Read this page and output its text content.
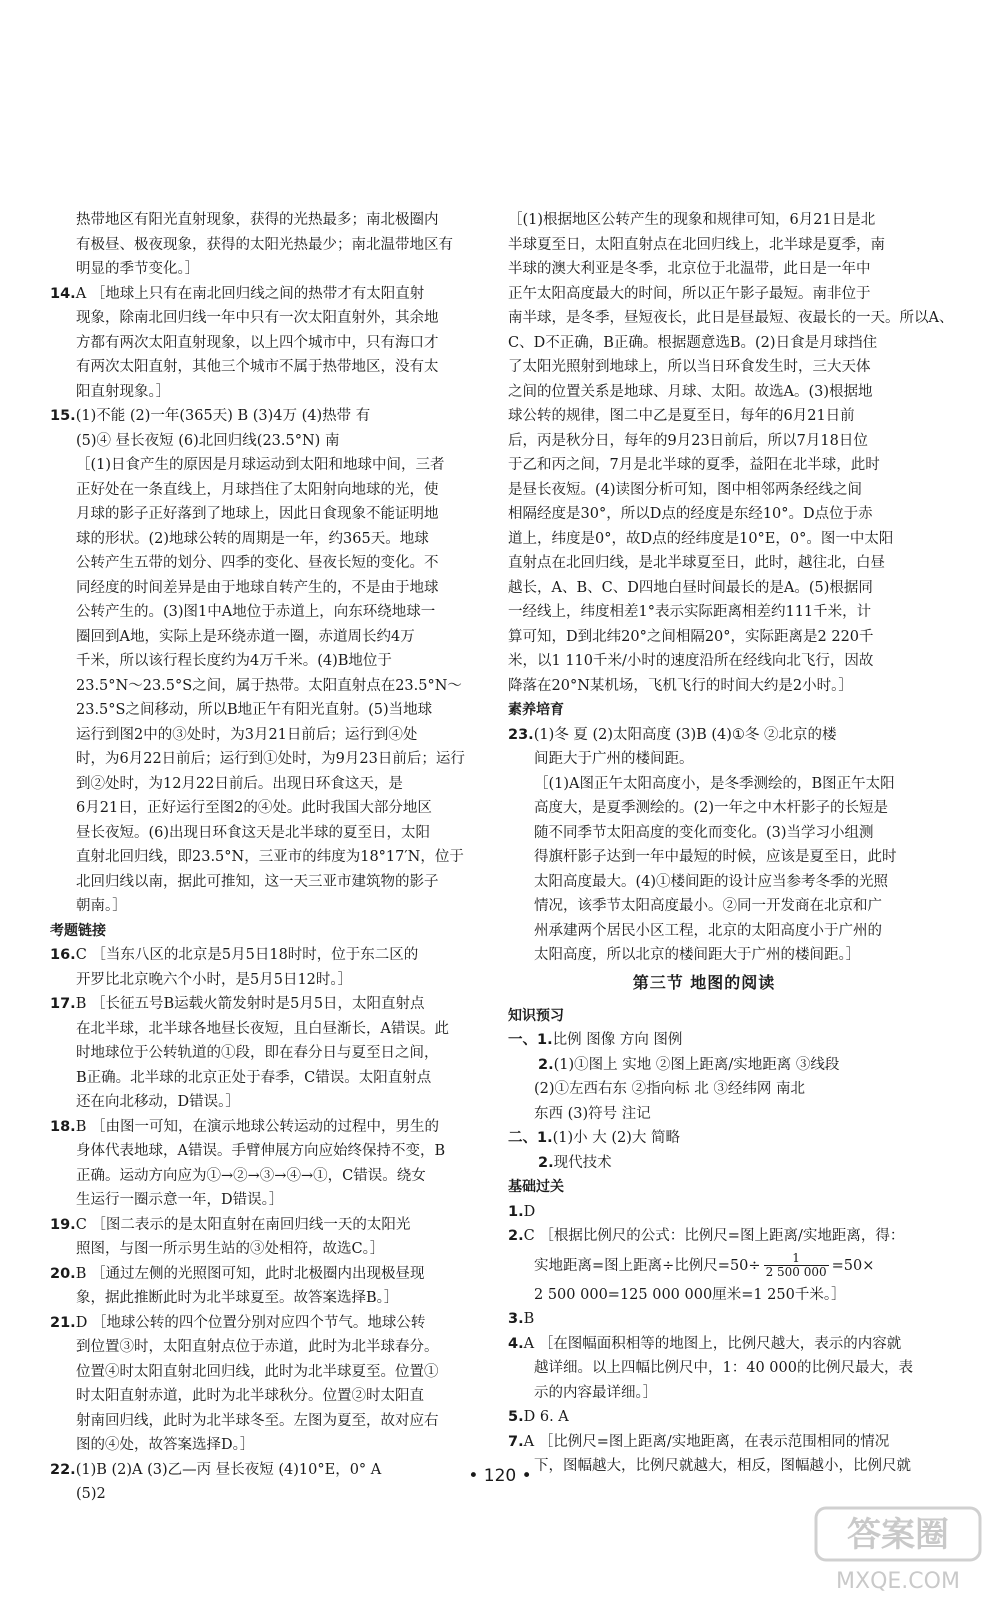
热带地区有阳光直射现象，获得的光热最多；南北极圈内
有极昼、极夜现象，获得的太阳光热最少；南北温带地区有
明显的季节变化。］
14.A ［地球上只有在南北回归线之间的热带才有太阳直射
现象，除南北回归线一年中只有一次太阳直射外，其余地
方都有两次太阳直射现象，以上四个城市中，只有海口才
有两次太阳直射，其他三个城市不属于热带地区，没有太
阳直射现象。］
15.(1)不能 (2)一年(365天) B (3)4万 (4)热带 有
(5)④ 昼长夜短 (6)北回归线(23.5°N) 南
［(1)日食产生的原因是月球运动到太阳和地球中间，三者
正好处在一条直线上，月球挡住了太阳射向地球的光，使
月球的影子正好落到了地球上，因此日食现象不能证明地
球的形状。(2)地球公转的周期是一年，约365天。地球
公转产生五带的划分、四季的变化、昼夜长短的变化。不
同经度的时间差异是由于地球自转产生的，不是由于地球
公转产生的。(3)图1中A地位于赤道上，向东环绕地球一
圈回到A地，实际上是环绕赤道一圈，赤道周长约4万
千米，所以该行程长度约为4万千米。(4)B地位于
23.5°N～23.5°S之间，属于热带。太阳直射点在23.5°N～
23.5°S之间移动，所以B地正午有阳光直射。(5)当地球
运行到图2中的③处时，为3月21日前后；运行到④处
时，为6月22日前后；运行到①处时，为9月23日前后；运行
到②处时，为12月22日前后。出现日环食这天，是
6月21日，正好运行至图2的④处。此时我国大部分地区
昼长夜短。(6)出现日环食这天是北半球的夏至日，太阳
直射北回归线，即23.5°N，三亚市的纬度为18°17′N，位于
北回归线以南，据此可推知，这一天三亚市建筑物的影子
朝南。］
考题链接
16.C ［当东八区的北京是5月5日18时时，位于东二区的
开罗比北京晚六个小时，是5月5日12时。］
17.B ［长征五号B运载火箭发射时是5月5日，太阳直射点
在北半球，北半球各地昼长夜短，且白昼渐长，A错误。此
时地球位于公转轨道的①段，即在春分日与夏至日之间，
B正确。北半球的北京正处于春季，C错误。太阳直射点
还在向北移动，D错误。］
18.B ［由图一可知，在演示地球公转运动的过程中，男生的
身体代表地球，A错误。手臂伸展方向应始终保持不变，B
正确。运动方向应为①→②→③→④→①，C错误。绕女
生运行一圈示意一年，D错误。］
19.C ［图二表示的是太阳直射在南回归线一天的太阳光
照图，与图一所示男生站的③处相符，故选C。］
20.B ［通过左侧的光照图可知，此时北极圈内出现极昼现
象，据此推断此时为北半球夏至。故答案选择B。］
21.D ［地球公转的四个位置分别对应四个节气。地球公转
到位置③时，太阳直射点位于赤道，此时为北半球春分。
位置④时太阳直射北回归线，此时为北半球夏至。位置①
时太阳直射赤道，此时为北半球秋分。位置②时太阳直
射南回归线，此时为北半球冬至。左图为夏至，故对应右
图的④处，故答案选择D。］
22.(1)B (2)A (3)乙—丙 昼长夜短 (4)10°E，0° A
(5)2
［(1)根据地区公转产生的现象和规律可知，6月21日是北
半球夏至日，太阳直射点在北回归线上，北半球是夏季，南
半球的澳大利亚是冬季，北京位于北温带，此日是一年中
正午太阳高度最大的时间，所以正午影子最短。南非位于
南半球，是冬季，昼短夜长，此日是昼最短、夜最长的一天。所以A、
C、D不正确，B正确。根据题意选B。(2)日食是月球挡住
了太阳光照射到地球上，所以当日环食发生时，三大天体
之间的位置关系是地球、月球、太阳。故选A。(3)根据地
球公转的规律，图二中乙是夏至日，每年的6月21日前
后，丙是秋分日，每年的9月23日前后，所以7月18日位
于乙和丙之间，7月是北半球的夏季，益阳在北半球，此时
是昼长夜短。(4)读图分析可知，图中相邻两条经线之间
相隔经度是30°，所以D点的经度是东经10°。D点位于赤
道上，纬度是0°，故D点的经纬度是10°E，0°。图一中太阳
直射点在北回归线，是北半球夏至日，此时，越往北，白昼
越长，A、B、C、D四地白昼时间最长的是A。(5)根据同
一经线上，纬度相差1°表示实际距离相差约111千米，计
算可知，D到北纬20°之间相隔20°，实际距离是2 220千
米，以1 110千米/小时的速度沿所在经线向北飞行，因故
降落在20°N某机场，飞机飞行的时间大约是2小时。］
素养培育
23.(1)冬 夏 (2)太阳高度 (3)B (4)①冬 ②北京的楼
间距大于广州的楼间距。
［(1)A图正午太阳高度小，是冬季测绘的，B图正午太阳
高度大，是夏季测绘的。(2)一年之中木杆影子的长短是
随不同季节太阳高度的变化而变化。(3)当学习小组测
得旗杆影子达到一年中最短的时候，应该是夏至日，此时
太阳高度最大。(4)①楼间距的设计应当参考冬季的光照
情况，该季节太阳高度最小。②同一开发商在北京和广
州承建两个居民小区工程，北京的太阳高度小于广州的
太阳高度，所以北京的楼间距大于广州的楼间距。］
第三节 地图的阅读
知识预习
一、1.比例 图像 方向 图例
2.(1)①图上 实地 ②图上距离/实地距离 ③线段
(2)①左西右东 ②指向标 北 ③经纬网 南北
东西 (3)符号 注记
二、1.(1)小 大 (2)大 简略
2.现代技术
基础过关
1.D
2.C ［根据比例尺的公式：比例尺=图上距离/实地距离，得：
实地距离=图上距离÷比例尺$=50\div \frac{1}{2 500 000} =50\times$
2 500 000=125 000 000厘米=1 250千米。］
3.B
4.A ［在图幅面积相等的地图上，比例尺越大，表示的内容就
越详细。以上四幅比例尺中，1：40 000的比例尺最大，表
示的内容最详细。］
5.D 6. A
7.A ［比例尺=图上距离/实地距离，在表示范围相同的情况
下，图幅越大，比例尺就越大，相反，图幅越小，比例尺就
• 120 •
答案圈
MXQE.COM
